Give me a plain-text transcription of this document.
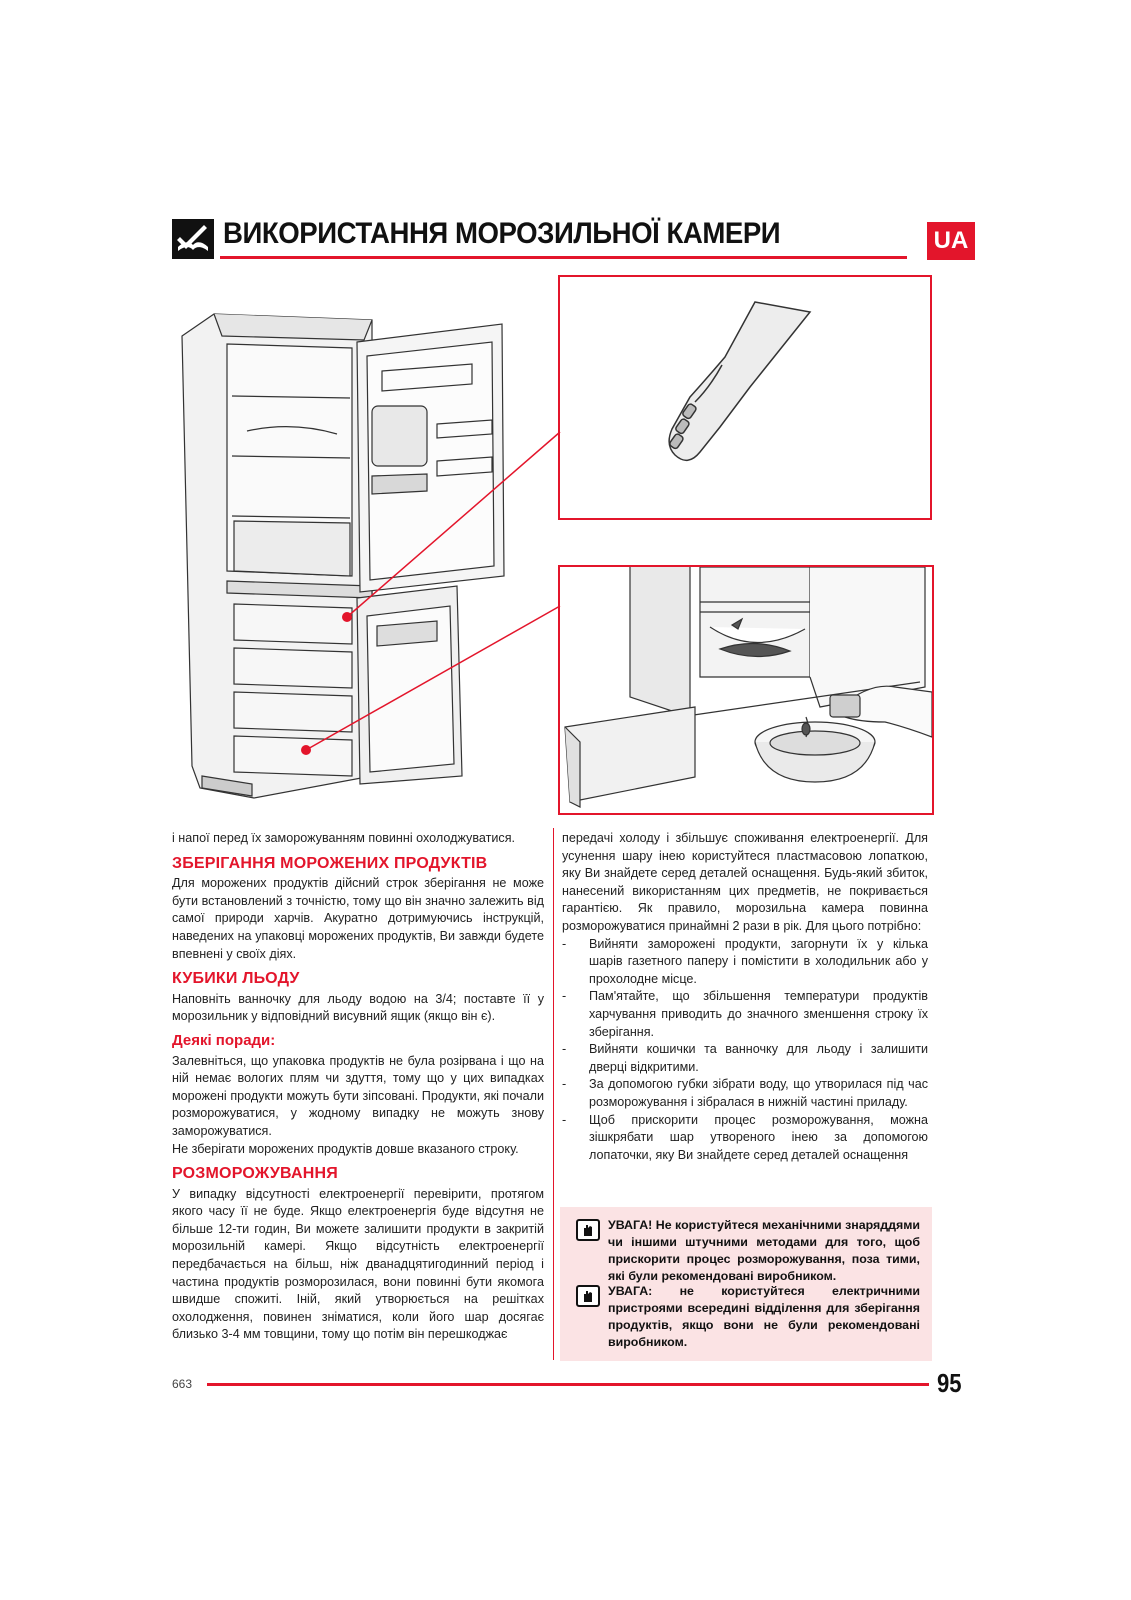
ВИКОРИСТАННЯ МОРОЗИЛЬНОЇ КАМЕРИ	UA

і напої перед їх заморожуванням повинні охолоджуватися.

ЗБЕРІГАННЯ МОРОЖЕНИХ ПРОДУКТІВ

Для морожених продуктів дійсний строк зберігання не може бути встановлений з точністю, тому що він значно залежить від самої природи харчів. Акуратно дотримуючись інструкцій, наведених на упаковці морожених продуктів, Ви завжди будете впевнені у своїх діях.

КУБИКИ ЛЬОДУ

Наповніть ванночку для льоду водою на 3/4; поставте її у морозильник у відповідний висувний ящик (якщо він є).

Деякі поради:

Залевніться, що упаковка продуктів не була розірвана і що на ній немає вологих плям чи здуття, тому що у цих випадках морожені продукти можуть бути зіпсовані. Продукти, які почали розморожуватися, у жодному випадку не можуть знову заморожуватися.

Не зберігати морожених продуктів довше вказаного строку.

РОЗМОРОЖУВАННЯ

У випадку відсутності електроенергії перевірити, протягом якого часу її не буде. Якщо електроенергія буде відсутня не більше 12-ти годин, Ви можете залишити продукти в закритій морозильній камері. Якщо відсутність електроенергії передбачається на більш, ніж дванадцятигодинний період і частина продуктів розморозилася, вони повинні бути якомога швидше спожиті. Іній, який утворюється на решітках охолодження, повинен зніматися, коли його шар досягає близько 3-4 мм товщини, тому що потім він перешкоджає

передачі холоду і збільшує споживання електроенергії. Для усунення шару інею користуйтеся пластмасовою лопаткою, яку Ви знайдете серед деталей оснащення. Будь-який збиток, нанесений використанням цих предметів, не покривається гарантією. Як правило, морозильна камера повинна розморожуватися принаймні 2 рази в рік. Для цього потрібно:

- Вийняти заморожені продукти, загорнути їх у кілька шарів газетного паперу і помістити в холодильник або у прохолодне місце.
- Пам'ятайте, що збільшення температури продуктів харчування приводить до значного зменшення строку їх зберігання.
- Вийняти кошички та ванночку для льоду і залишити дверці відкритими.
- За допомогою губки зібрати воду, що утворилася під час розморожування і зібралася в нижній частині приладу.
- Щоб прискорити процес розморожування, можна зішкрябати шар утвореного інею за допомогою лопаточки, яку Ви знайдете серед деталей оснащення
УВАГА! Не користуйтеся механічними знаряддями чи іншими штучними методами для того, щоб прискорити процес розморожування, поза тими, які були рекомендовані виробником.
УВАГА: не користуйтеся електричними пристроями всередині відділення для зберігання продуктів, якщо вони не були рекомендовані виробником.
663	95
